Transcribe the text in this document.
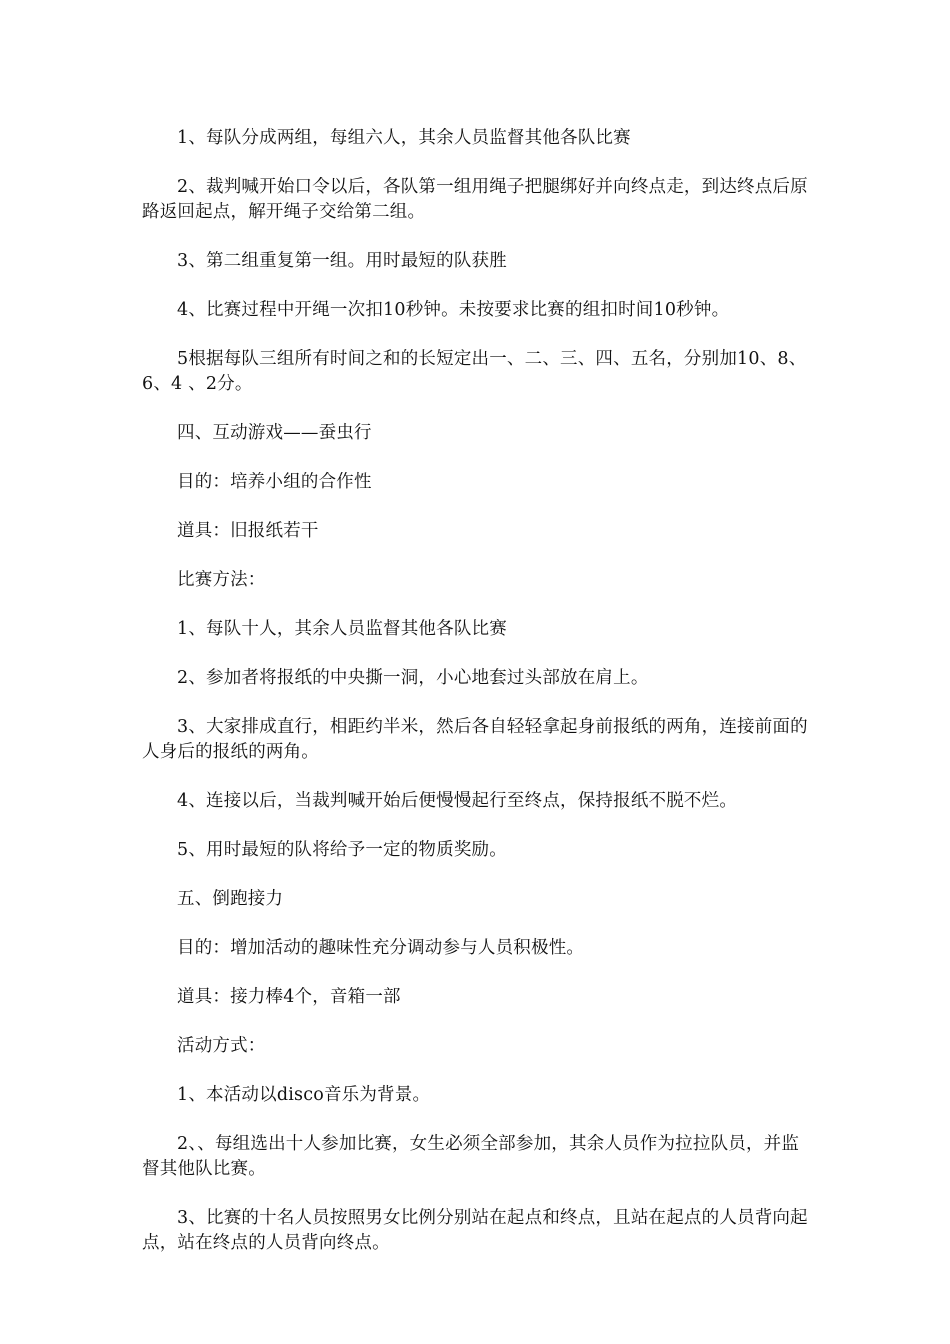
1、每队分成两组，每组六人，其余人员监督其他各队比赛

2、裁判喊开始口令以后，各队第一组用绳子把腿绑好并向终点走，到达终点后原路返回起点，解开绳子交给第二组。

3、第二组重复第一组。用时最短的队获胜

4、比赛过程中开绳一次扣10秒钟。未按要求比赛的组扣时间10秒钟。

5根据每队三组所有时间之和的长短定出一、二、三、四、五名，分别加10、8、6、4 、2分。

四、互动游戏——蚕虫行

目的：培养小组的合作性

道具：旧报纸若干

比赛方法：

1、每队十人，其余人员监督其他各队比赛

2、参加者将报纸的中央撕一洞，小心地套过头部放在肩上。

3、大家排成直行，相距约半米，然后各自轻轻拿起身前报纸的两角，连接前面的人身后的报纸的两角。

4、连接以后，当裁判喊开始后便慢慢起行至终点，保持报纸不脱不烂。

5、用时最短的队将给予一定的物质奖励。

五、倒跑接力

目的：增加活动的趣味性充分调动参与人员积极性。

道具：接力棒4个，音箱一部

活动方式：

1、本活动以disco音乐为背景。

2、、每组选出十人参加比赛，女生必须全部参加，其余人员作为拉拉队员，并监督其他队比赛。

3、比赛的十名人员按照男女比例分别站在起点和终点，且站在起点的人员背向起点，站在终点的人员背向终点。
